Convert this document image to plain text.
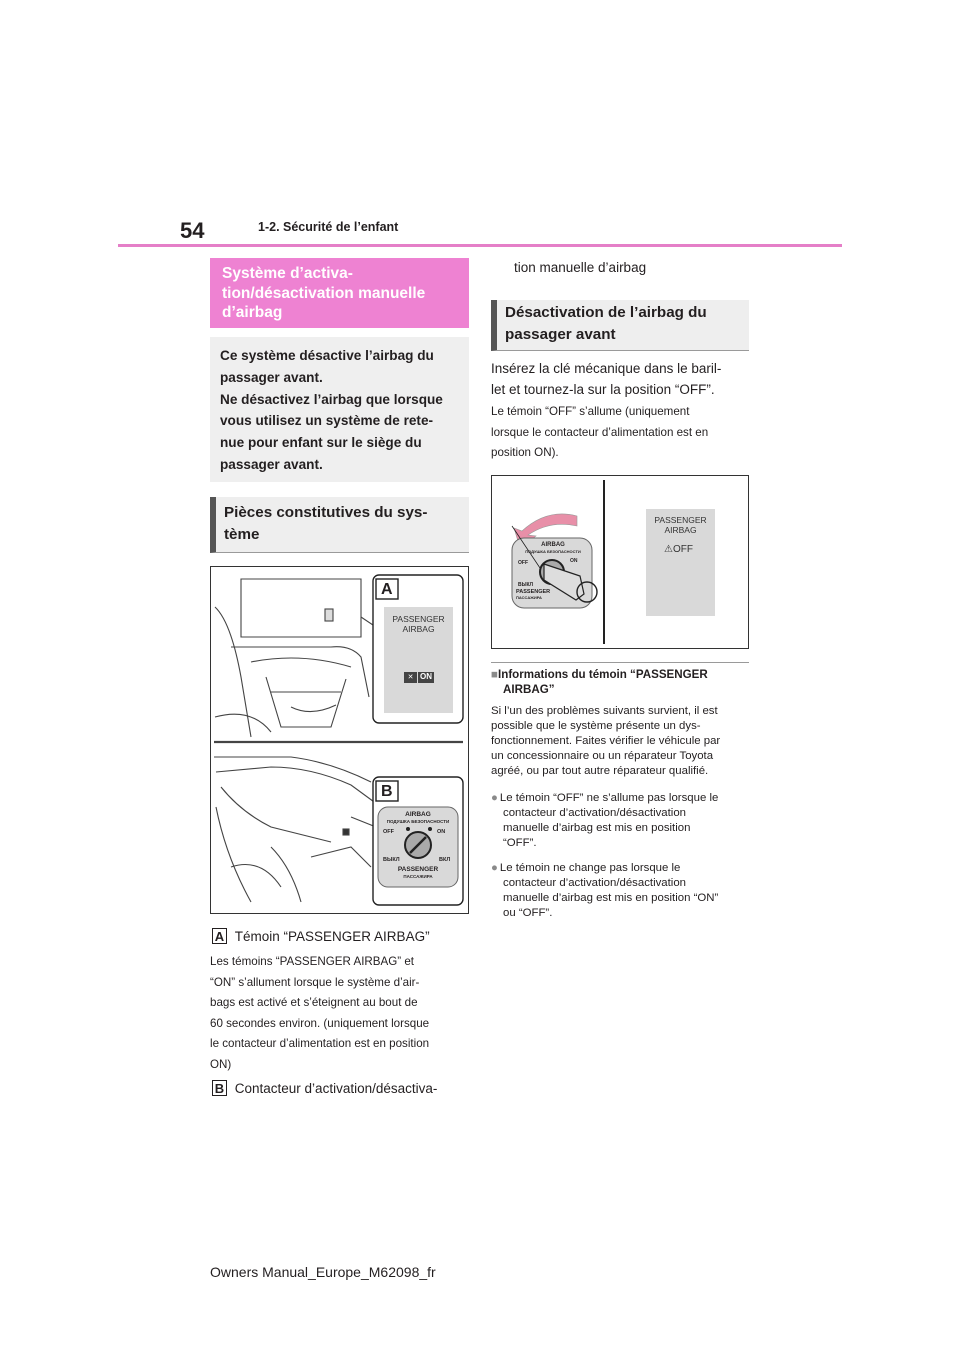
54	1-2. Sécurité de l’enfant
Système d’activa-tion/désactivation manuelle d’airbag
Ce système désactive l’airbag du
passager avant.
Ne désactivez l’airbag que lorsque
vous utilisez un système de rete-
nue pour enfant sur le siège du
passager avant.
Pièces constitutives du sys-
tème
A
B
PASSENGER
AIRBAG
✕ ON
AIRBAG
ПОДУШКА БЕЗОПАСНОСТИ
OFF	ON
ВЫКЛ	ВКЛ
PASSENGER
ПАССАЖИРА
A Témoin “PASSENGER AIRBAG”
Les témoins “PASSENGER AIRBAG” et
“ON” s’allument lorsque le système d’air-
bags est activé et s’éteignent au bout de
60 secondes environ. (uniquement lorsque
le contacteur d’alimentation est en position
ON)
B Contacteur d’activation/désactiva-
tion manuelle d’airbag
Désactivation de l’airbag du
passager avant
Insérez la clé mécanique dans le baril-
let et tournez-la sur la position “OFF”.
Le témoin “OFF” s’allume (uniquement
lorsque le contacteur d’alimentation est en
position ON).
AIRBAG
ПОДУШКА БЕЗОПАСНОСТИ
OFF	ON
ВЫКЛ
PASSENGER
ПАССАЖИРА
PASSENGER
AIRBAG
⚠OFF
■Informations du témoin “PASSENGER
AIRBAG”
Si l’un des problèmes suivants survient, il est
possible que le système présente un dys-
fonctionnement. Faites vérifier le véhicule par
un concessionnaire ou un réparateur Toyota
agréé, ou par tout autre réparateur qualifié.
● Le témoin “OFF” ne s’allume pas lorsque le
contacteur d’activation/désactivation
manuelle d’airbag est mis en position
“OFF”.
● Le témoin ne change pas lorsque le
contacteur d’activation/désactivation
manuelle d’airbag est mis en position “ON”
ou “OFF”.
Owners Manual_Europe_M62098_fr
